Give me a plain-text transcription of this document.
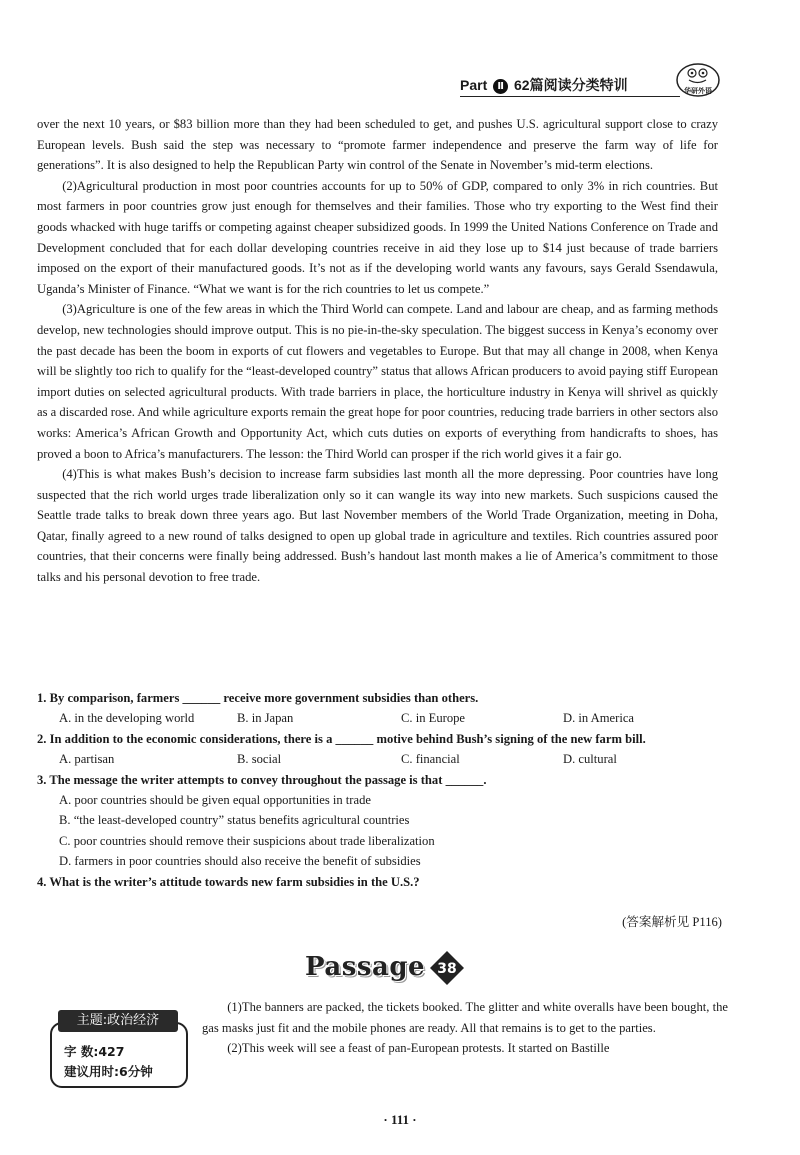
Part Ⅱ 62篇阅读分类特训	华研外语

over the next 10 years, or $83 billion more than they had been scheduled to get, and pushes U.S. agricultural support close to crazy European levels. Bush said the step was necessary to “promote farmer independence and preserve the farm way of life for generations”. It is also designed to help the Republican Party win control of the Senate in November’s mid-term elections.

(2)Agricultural production in most poor countries accounts for up to 50% of GDP, compared to only 3% in rich countries. But most farmers in poor countries grow just enough for themselves and their families. Those who try exporting to the West find their goods whacked with huge tariffs or competing against cheaper subsidized goods. In 1999 the United Nations Conference on Trade and Development concluded that for each dollar developing countries receive in aid they lose up to $14 just because of trade barriers imposed on the export of their manufactured goods. It’s not as if the developing world wants any favours, says Gerald Ssendawula, Uganda’s Minister of Finance. “What we want is for the rich countries to let us compete.”

(3)Agriculture is one of the few areas in which the Third World can compete. Land and labour are cheap, and as farming methods develop, new technologies should improve output. This is no pie-in-the-sky speculation. The biggest success in Kenya’s economy over the past decade has been the boom in exports of cut flowers and vegetables to Europe. But that may all change in 2008, when Kenya will be slightly too rich to qualify for the “least-developed country” status that allows African producers to avoid paying stiff European import duties on selected agricultural products. With trade barriers in place, the horticulture industry in Kenya will shrivel as quickly as a discarded rose. And while agriculture exports remain the great hope for poor countries, reducing trade barriers in other sectors also works: America’s African Growth and Opportunity Act, which cuts duties on exports of everything from handicrafts to shoes, has proved a boon to Africa’s manufacturers. The lesson: the Third World can prosper if the rich world gives it a fair go.

(4)This is what makes Bush’s decision to increase farm subsidies last month all the more depressing. Poor countries have long suspected that the rich world urges trade liberalization only so it can wangle its way into new markets. Such suspicions caused the Seattle trade talks to break down three years ago. But last November members of the World Trade Organization, meeting in Doha, Qatar, finally agreed to a new round of talks designed to open up global trade in agriculture and textiles. Rich countries assured poor countries, that their concerns were finally being addressed. Bush’s handout last month makes a lie of America’s commitment to those talks and his personal devotion to free trade.

1. By comparison, farmers ______ receive more government subsidies than others.
A. in the developing world	B. in Japan	C. in Europe	D. in America
2. In addition to the economic considerations, there is a ______ motive behind Bush’s signing of the new farm bill.
A. partisan	B. social	C. financial	D. cultural
3. The message the writer attempts to convey throughout the passage is that ______.
A. poor countries should be given equal opportunities in trade
B. “the least-developed country” status benefits agricultural countries
C. poor countries should remove their suspicions about trade liberalization
D. farmers in poor countries should also receive the benefit of subsidies
4. What is the writer’s attitude towards new farm subsidies in the U.S.?
(答案解析见 P116)
Passage 38
主题:政治经济
字 数:427
建议用时:6分钟

(1)The banners are packed, the tickets booked. The glitter and white overalls have been bought, the gas masks just fit and the mobile phones are ready. All that remains is to get to the parties.

(2)This week will see a feast of pan-European protests. It started on Bastille

· 111 ·
